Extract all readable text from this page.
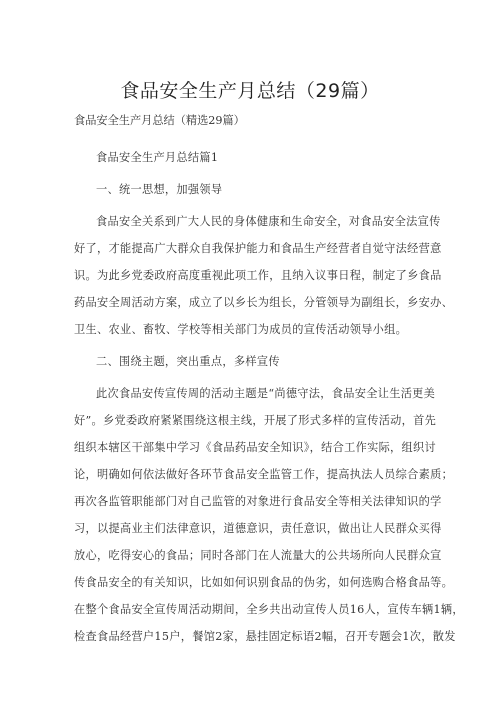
食品安全生产月总结（29篇）
食品安全生产月总结（精选29篇）
食品安全生产月总结篇1
一、统一思想，加强领导
食品安全关系到广大人民的身体健康和生命安全，对食品安全法宣传
好了，才能提高广大群众自我保护能力和食品生产经营者自觉守法经营意
识。为此乡党委政府高度重视此项工作，且纳入议事日程，制定了乡食品
药品安全周活动方案，成立了以乡长为组长，分管领导为副组长，乡安办、
卫生、农业、畜牧、学校等相关部门为成员的宣传活动领导小组。
二、围绕主题，突出重点，多样宣传
此次食品安传宣传周的活动主题是“尚德守法，食品安全让生活更美
好”。乡党委政府紧紧围绕这根主线，开展了形式多样的宣传活动，首先
组织本辖区干部集中学习《食品药品安全知识》，结合工作实际，组织讨
论，明确如何依法做好各环节食品安全监管工作，提高执法人员综合素质；
再次各监管职能部门对自己监管的对象进行食品安全等相关法律知识的学
习，以提高业主们法律意识，道德意识，责任意识，做出让人民群众买得
放心，吃得安心的食品；同时各部门在人流量大的公共场所向人民群众宣
传食品安全的有关知识，比如如何识别食品的伪劣，如何选购合格食品等。
在整个食品安全宣传周活动期间，全乡共出动宣传人员16人，宣传车辆1辆，
检查食品经营户15户，餐馆2家，悬挂固定标语2幅，召开专题会1次，散发
